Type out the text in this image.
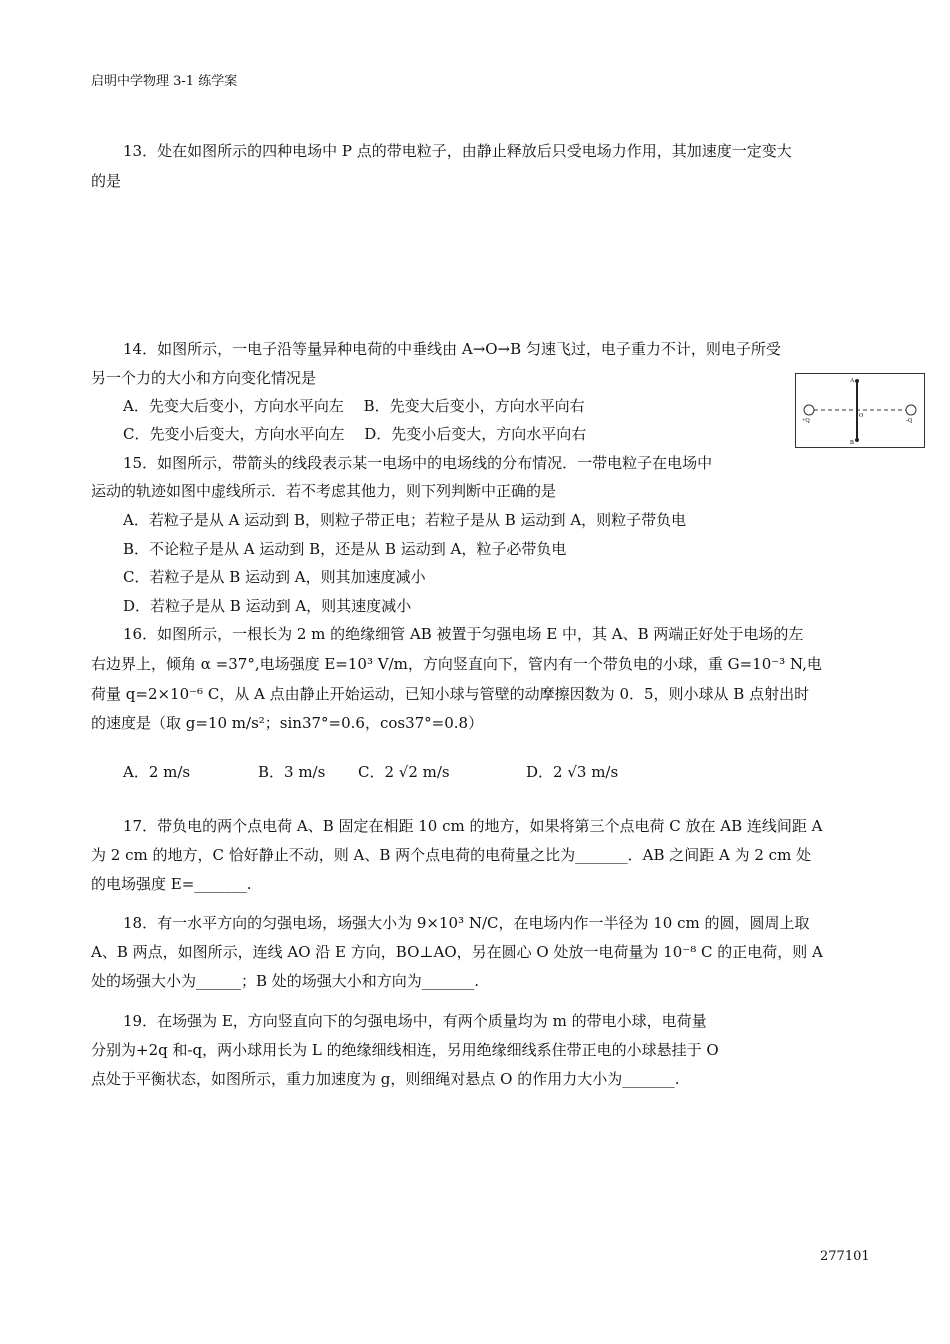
启明中学物理 3-1 练学案
13．处在如图所示的四种电场中 P 点的带电粒子，由静止释放后只受电场力作用，其加速度一定变大
的是
14．如图所示，一电子沿等量异种电荷的中垂线由 A→O→B 匀速飞过，电子重力不计，则电子所受
另一个力的大小和方向变化情况是
A．先变大后变小，方向水平向左　 B．先变大后变小，方向水平向右
C．先变小后变大，方向水平向左　 D．先变小后变大，方向水平向右
A
O
B
+Q	-Q
15．如图所示，带箭头的线段表示某一电场中的电场线的分布情况．一带电粒子在电场中
运动的轨迹如图中虚线所示．若不考虑其他力，则下列判断中正确的是
A．若粒子是从 A 运动到 B，则粒子带正电；若粒子是从 B 运动到 A，则粒子带负电
B．不论粒子是从 A 运动到 B，还是从 B 运动到 A，粒子必带负电
C．若粒子是从 B 运动到 A，则其加速度减小
D．若粒子是从 B 运动到 A，则其速度减小
16．如图所示，一根长为 2 m 的绝缘细管 AB 被置于匀强电场 E 中，其 A、B 两端正好处于电场的左
右边界上，倾角 α =37°,电场强度 E=10³ V/m，方向竖直向下，管内有一个带负电的小球，重 G=10⁻³ N,电
荷量 q=2×10⁻⁶ C，从 A 点由静止开始运动，已知小球与管壁的动摩擦因数为 0．5，则小球从 B 点射出时
的速度是（取 g=10 m/s²；sin37°=0.6，cos37°=0.8）
A．2 m/s	B．3 m/s C．2 √2 m/s	D．2 √3 m/s
17．带负电的两个点电荷 A、B 固定在相距 10 cm 的地方，如果将第三个点电荷 C 放在 AB 连线间距 A
为 2 cm 的地方，C 恰好静止不动，则 A、B 两个点电荷的电荷量之比为_______．AB 之间距 A 为 2 cm 处
的电场强度 E=_______.
18．有一水平方向的匀强电场，场强大小为 9×10³ N/C，在电场内作一半径为 10 cm 的圆，圆周上取
A、B 两点，如图所示，连线 AO 沿 E 方向，BO⊥AO，另在圆心 O 处放一电荷量为 10⁻⁸ C 的正电荷，则 A
处的场强大小为______；B 处的场强大小和方向为_______.
19．在场强为 E，方向竖直向下的匀强电场中，有两个质量均为 m 的带电小球，电荷量
分别为+2q 和-q，两小球用长为 L 的绝缘细线相连，另用绝缘细线系住带正电的小球悬挂于 O
点处于平衡状态，如图所示，重力加速度为 g，则细绳对悬点 O 的作用力大小为_______.
277101
